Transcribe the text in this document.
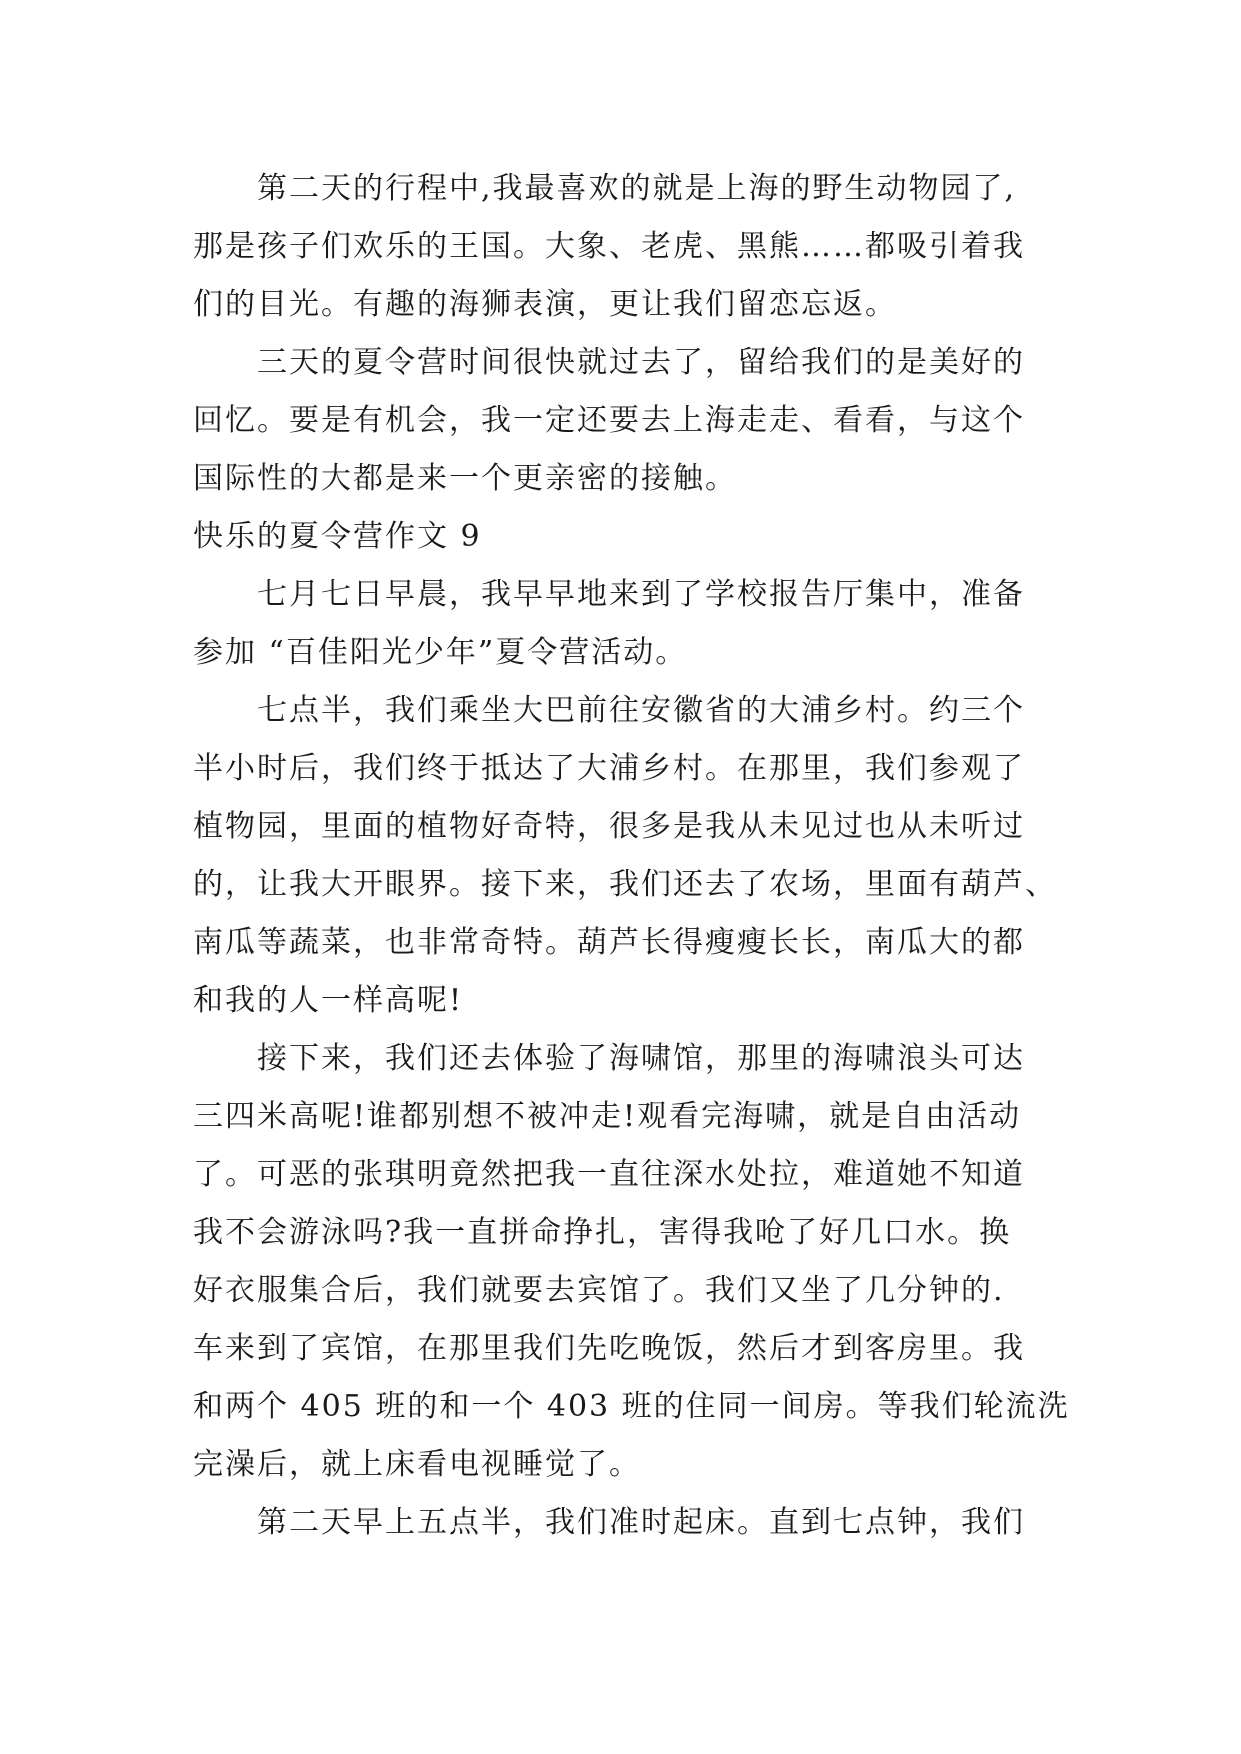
第二天的行程中,我最喜欢的就是上海的野生动物园了,
那是孩子们欢乐的王国。大象、老虎、黑熊……都吸引着我
们的目光。有趣的海狮表演，更让我们留恋忘返。

三天的夏令营时间很快就过去了，留给我们的是美好的
回忆。要是有机会，我一定还要去上海走走、看看，与这个
国际性的大都是来一个更亲密的接触。

快乐的夏令营作文 9

七月七日早晨，我早早地来到了学校报告厅集中，准备
参加 “百佳阳光少年”夏令营活动。

七点半，我们乘坐大巴前往安徽省的大浦乡村。约三个
半小时后，我们终于抵达了大浦乡村。在那里，我们参观了
植物园，里面的植物好奇特，很多是我从未见过也从未听过
的，让我大开眼界。接下来，我们还去了农场，里面有葫芦、
南瓜等蔬菜，也非常奇特。葫芦长得瘦瘦长长，南瓜大的都
和我的人一样高呢!

接下来，我们还去体验了海啸馆，那里的海啸浪头可达
三四米高呢!谁都别想不被冲走!观看完海啸，就是自由活动
了。可恶的张琪明竟然把我一直往深水处拉，难道她不知道
我不会游泳吗?我一直拼命挣扎，害得我呛了好几口水。换
好衣服集合后，我们就要去宾馆了。我们又坐了几分钟的.
车来到了宾馆，在那里我们先吃晚饭，然后才到客房里。我
和两个 405 班的和一个 403 班的住同一间房。等我们轮流洗
完澡后，就上床看电视睡觉了。

第二天早上五点半，我们准时起床。直到七点钟，我们
